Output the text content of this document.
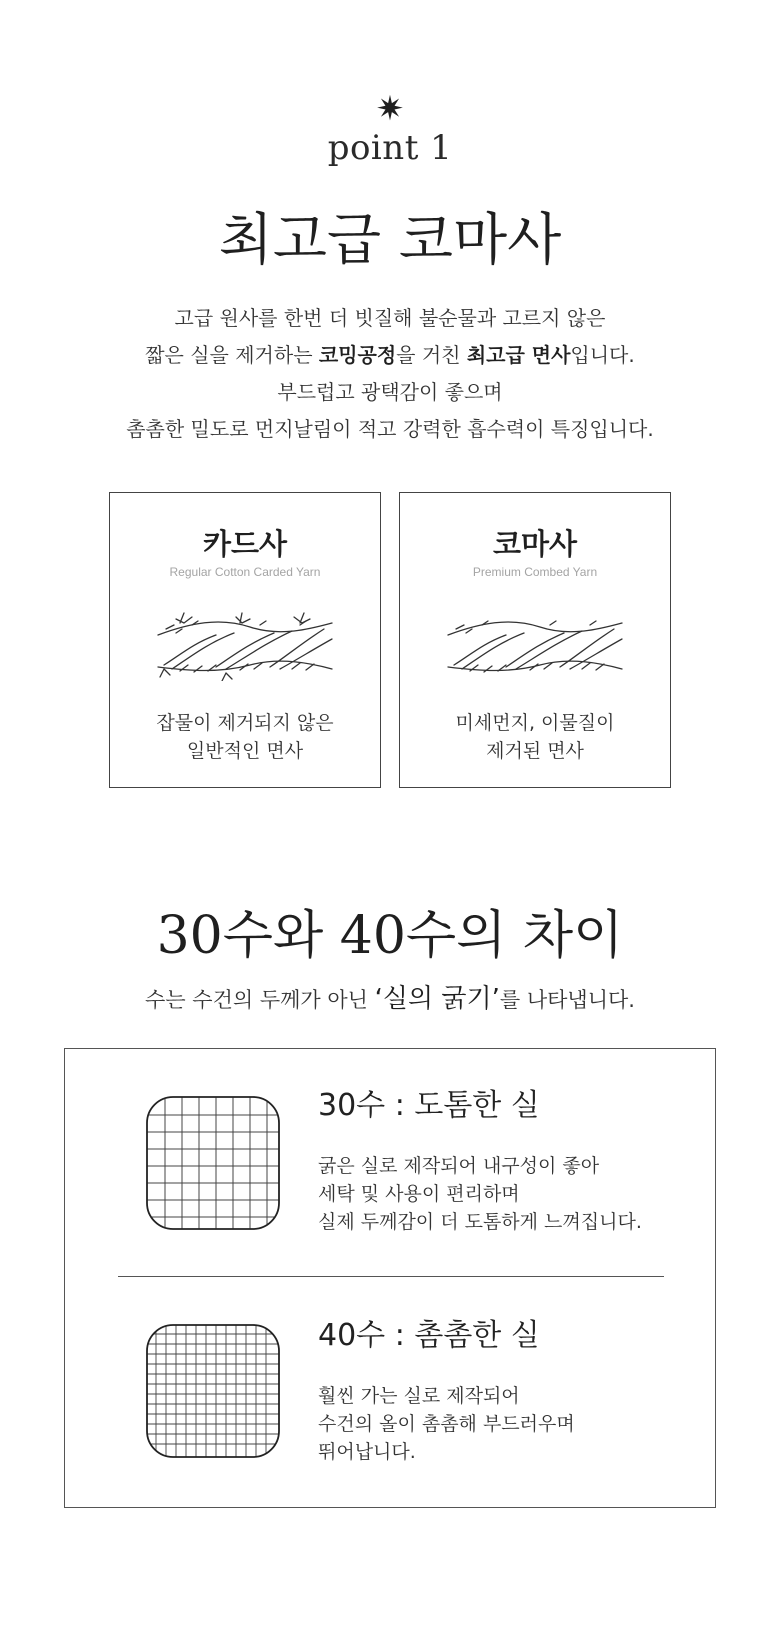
✷
point 1
최고급 코마사

고급 원사를 한번 더 빗질해 불순물과 고르지 않은

짧은 실을 제거하는 코밍공정을 거친 최고급 면사입니다.

부드럽고 광택감이 좋으며

촘촘한 밀도로 먼지날림이 적고 강력한 흡수력이 특징입니다.

카드사
Regular Cotton Carded Yarn

잡물이 제거되지 않은

일반적인 면사

코마사
Premium Combed Yarn

미세먼지, 이물질이

제거된 면사

30수와 40수의 차이
수는 수건의 두께가 아닌 ‘실의 굵기’를 나타냅니다.
30수 : 도톰한 실

굵은 실로 제작되어 내구성이 좋아

세탁 및 사용이 편리하며

실제 두께감이 더 도톰하게 느껴집니다.

40수 : 촘촘한 실

훨씬 가는 실로 제작되어

수건의 올이 촘촘해 부드러우며

뛰어납니다.
